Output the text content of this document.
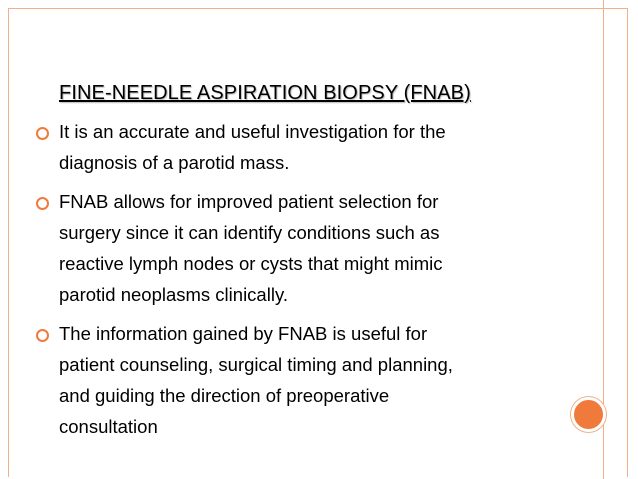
FINE-NEEDLE ASPIRATION BIOPSY (FNAB)
It is an accurate and useful investigation for the
diagnosis of a parotid mass.
FNAB allows for improved patient selection for
surgery since it can identify conditions such as
reactive lymph nodes or cysts that might mimic
parotid neoplasms clinically.
The information gained by FNAB is useful for
patient counseling, surgical timing and planning,
and guiding the direction of preoperative
consultation
